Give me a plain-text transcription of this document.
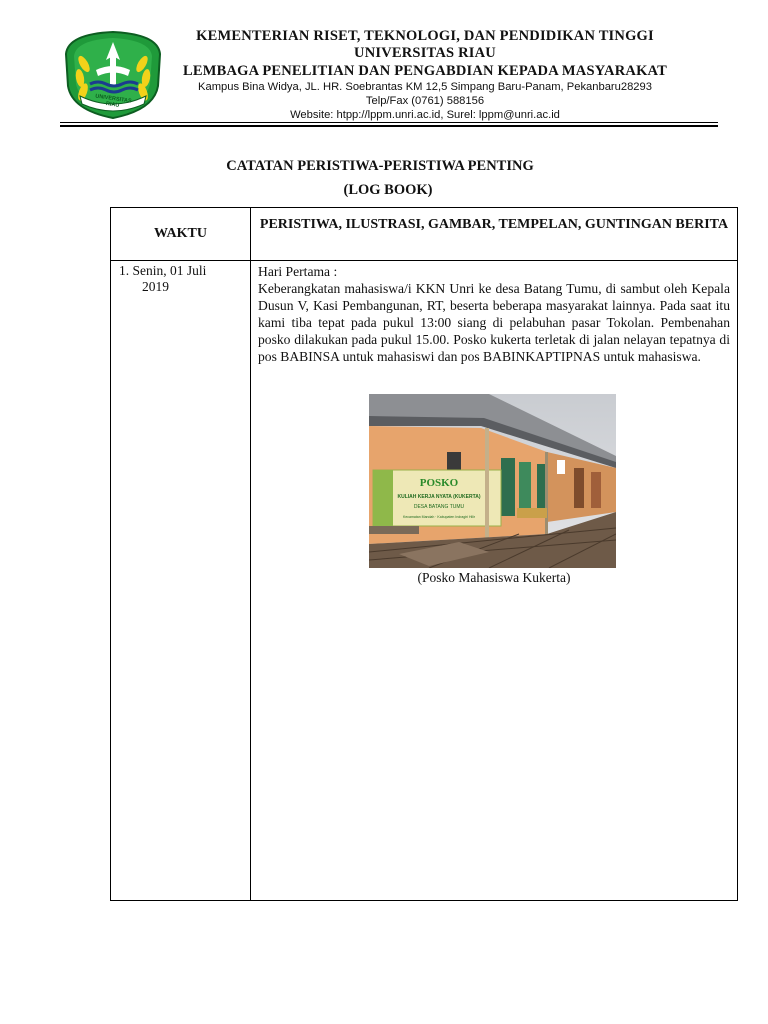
UNIVERSITAS RIAU
KEMENTERIAN RISET, TEKNOLOGI, DAN PENDIDIKAN TINGGI
UNIVERSITAS RIAU
LEMBAGA PENELITIAN DAN PENGABDIAN KEPADA MASYARAKAT
Kampus Bina Widya, JL. HR. Soebrantas KM 12,5 Simpang Baru-Panam, Pekanbaru28293
Telp/Fax (0761) 588156
Website: htpp://lppm.unri.ac.id, Surel: lppm@unri.ac.id
CATATAN PERISTIWA-PERISTIWA PENTING
(LOG BOOK)
WAKTU
PERISTIWA, ILUSTRASI, GAMBAR, TEMPELAN, GUNTINGAN BERITA
1. Senin, 01 Juli
2019

Hari Pertama :

Keberangkatan mahasiswa/i KKN Unri ke desa Batang Tumu, di sambut oleh Kepala Dusun V, Kasi Pembangunan, RT, beserta beberapa masyarakat lainnya. Pada saat itu kami tiba tepat pada pukul 13:00 siang di pelabuhan pasar Tokolan. Pembenahan posko dilakukan pada pukul 15.00. Posko kukerta terletak di jalan nelayan tepatnya di pos BABINSA untuk mahasiswi dan pos BABINKAPTIPNAS untuk mahasiswa.

POSKO
KULIAH KERJA NYATA (KUKERTA)
DESA BATANG TUMU
Kecamatan Mandah · Kabupaten Indragiri Hilir
(Posko Mahasiswa Kukerta)
